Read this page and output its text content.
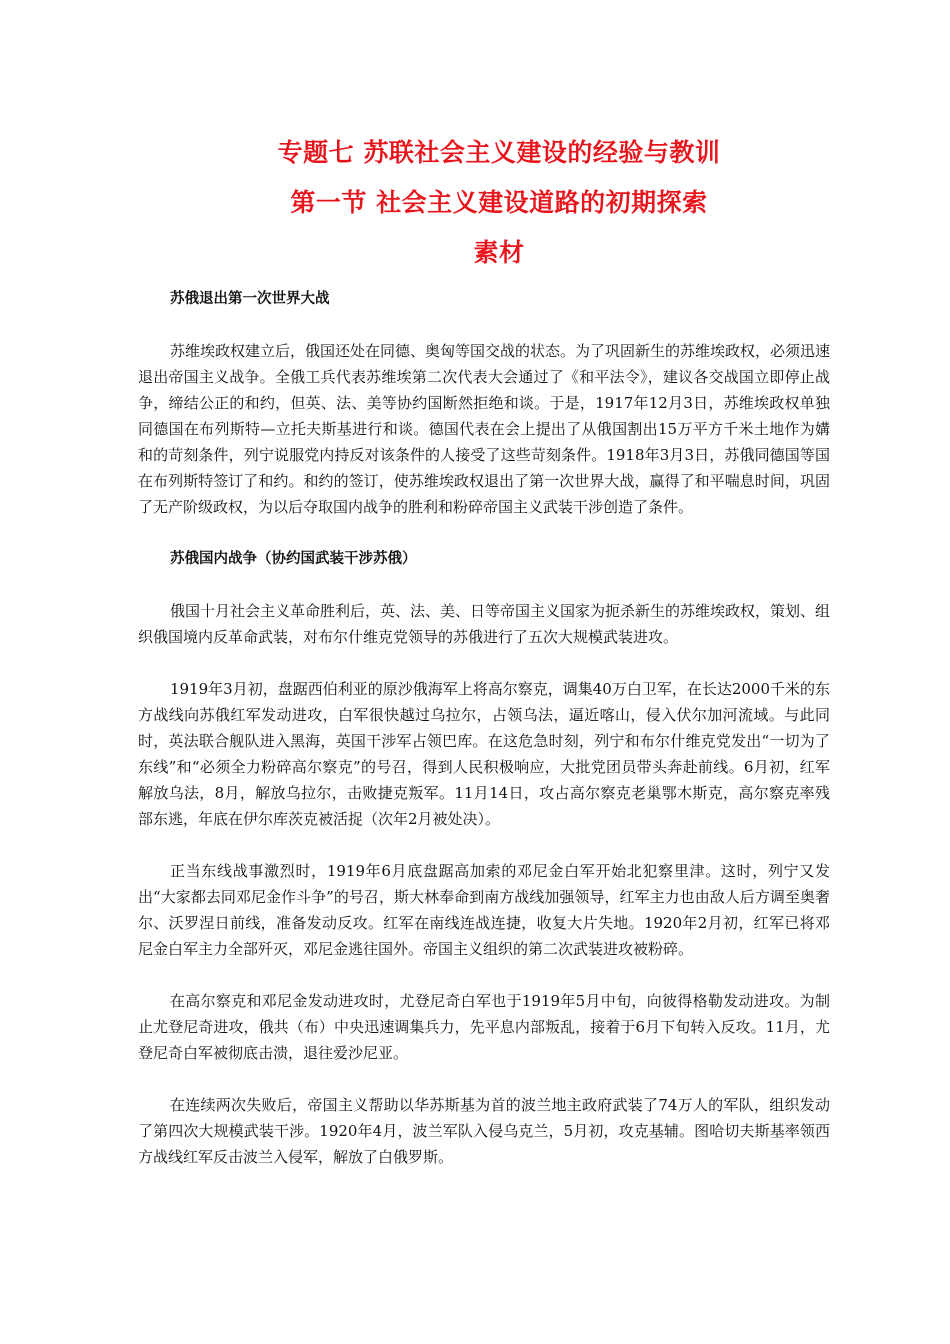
专题七 苏联社会主义建设的经验与教训
第一节 社会主义建设道路的初期探索
素材
苏俄退出第一次世界大战

苏维埃政权建立后，俄国还处在同德、奥匈等国交战的状态。为了巩固新生的苏维埃政权，必须迅速退出帝国主义战争。全俄工兵代表苏维埃第二次代表大会通过了《和平法令》，建议各交战国立即停止战争，缔结公正的和约，但英、法、美等协约国断然拒绝和谈。于是，1917年12月3日，苏维埃政权单独同德国在布列斯特—立托夫斯基进行和谈。德国代表在会上提出了从俄国割出15万平方千米土地作为媾和的苛刻条件，列宁说服党内持反对该条件的人接受了这些苛刻条件。1918年3月3日，苏俄同德国等国在布列斯特签订了和约。和约的签订，使苏维埃政权退出了第一次世界大战，赢得了和平喘息时间，巩固了无产阶级政权，为以后夺取国内战争的胜利和粉碎帝国主义武装干涉创造了条件。

苏俄国内战争（协约国武装干涉苏俄）

俄国十月社会主义革命胜利后，英、法、美、日等帝国主义国家为扼杀新生的苏维埃政权，策划、组织俄国境内反革命武装，对布尔什维克党领导的苏俄进行了五次大规模武装进攻。

1919年3月初，盘踞西伯利亚的原沙俄海军上将高尔察克，调集40万白卫军，在长达2000千米的东方战线向苏俄红军发动进攻，白军很快越过乌拉尔，占领乌法，逼近喀山，侵入伏尔加河流域。与此同时，英法联合舰队进入黑海，英国干涉军占领巴库。在这危急时刻，列宁和布尔什维克党发出“一切为了东线”和“必须全力粉碎高尔察克”的号召，得到人民积极响应，大批党团员带头奔赴前线。6月初，红军解放乌法，8月，解放乌拉尔，击败捷克叛军。11月14日，攻占高尔察克老巢鄂木斯克，高尔察克率残部东逃，年底在伊尔库茨克被活捉（次年2月被处决）。

正当东线战事激烈时，1919年6月底盘踞高加索的邓尼金白军开始北犯察里津。这时，列宁又发出“大家都去同邓尼金作斗争”的号召，斯大林奉命到南方战线加强领导，红军主力也由敌人后方调至奥奢尔、沃罗涅日前线，准备发动反攻。红军在南线连战连捷，收复大片失地。1920年2月初，红军已将邓尼金白军主力全部歼灭，邓尼金逃往国外。帝国主义组织的第二次武装进攻被粉碎。

在高尔察克和邓尼金发动进攻时，尤登尼奇白军也于1919年5月中旬，向彼得格勒发动进攻。为制止尤登尼奇进攻，俄共（布）中央迅速调集兵力，先平息内部叛乱，接着于6月下旬转入反攻。11月，尤登尼奇白军被彻底击溃，退往爱沙尼亚。

在连续两次失败后，帝国主义帮助以华苏斯基为首的波兰地主政府武装了74万人的军队，组织发动了第四次大规模武装干涉。1920年4月，波兰军队入侵乌克兰，5月初，攻克基辅。图哈切夫斯基率领西方战线红军反击波兰入侵军，解放了白俄罗斯。
